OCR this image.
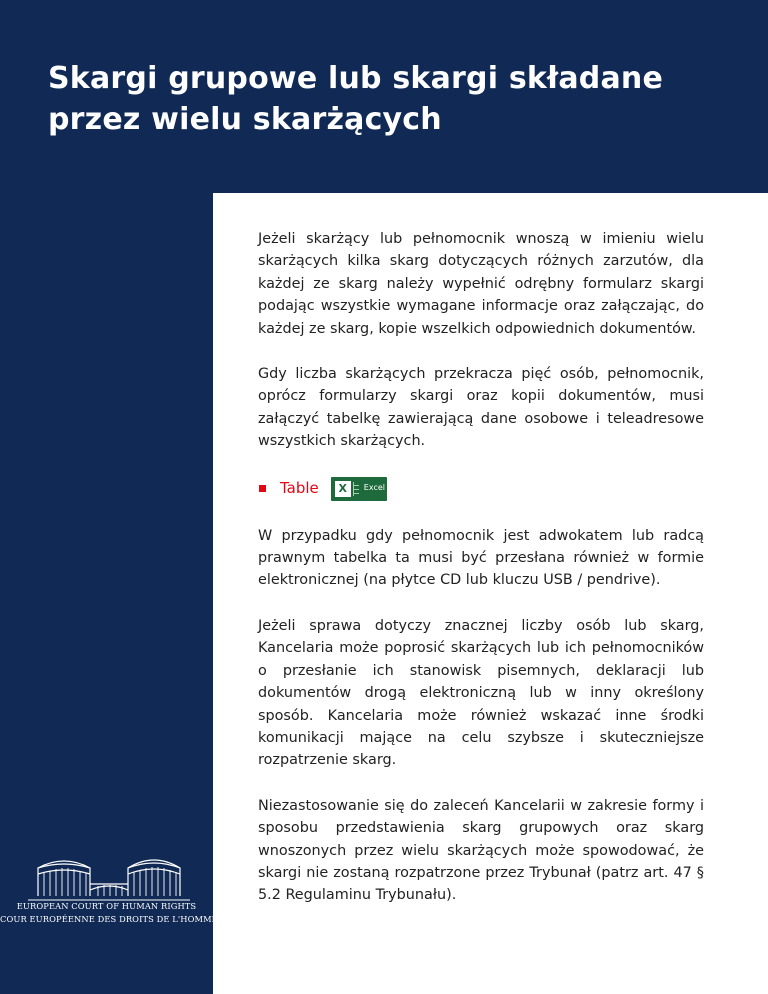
Skargi grupowe lub skargi składane przez wielu skarżących

Jeżeli skarżący lub pełnomocnik wnoszą w imieniu wielu skarżących kilka skarg dotyczących różnych zarzutów, dla każdej ze skarg należy wypełnić odrębny formularz skargi podając wszystkie wymagane informacje oraz załączając, do każdej ze skarg, kopie wszelkich odpowiednich dokumentów.

Gdy liczba skarżących przekracza pięć osób, pełnomocnik, oprócz formularzy skargi oraz kopii dokumentów, musi załączyć tabelkę zawierającą dane osobowe i teleadresowe wszystkich skarżących.

Table	X	Excel

W przypadku gdy pełnomocnik jest adwokatem lub radcą prawnym tabelka ta musi być przesłana również w formie elektronicznej (na płytce CD lub kluczu USB / pendrive).

Jeżeli sprawa dotyczy znacznej liczby osób lub skarg, Kancelaria może poprosić skarżących lub ich pełnomocników o przesłanie ich stanowisk pisemnych, deklaracji lub dokumentów drogą elektroniczną lub w inny określony sposób. Kancelaria może również wskazać inne środki komunikacji mające na celu szybsze i skuteczniejsze rozpatrzenie skarg.

Niezastosowanie się do zaleceń Kancelarii w zakresie formy i sposobu przedstawienia skarg grupowych oraz skarg wnoszonych przez wielu skarżących może spowodować, że skargi nie zostaną rozpatrzone przez Trybunał (patrz art. 47 § 5.2 Regulaminu Trybunału).

EUROPEAN COURT OF HUMAN RIGHTS
COUR EUROPÉENNE DES DROITS DE L'HOMME
